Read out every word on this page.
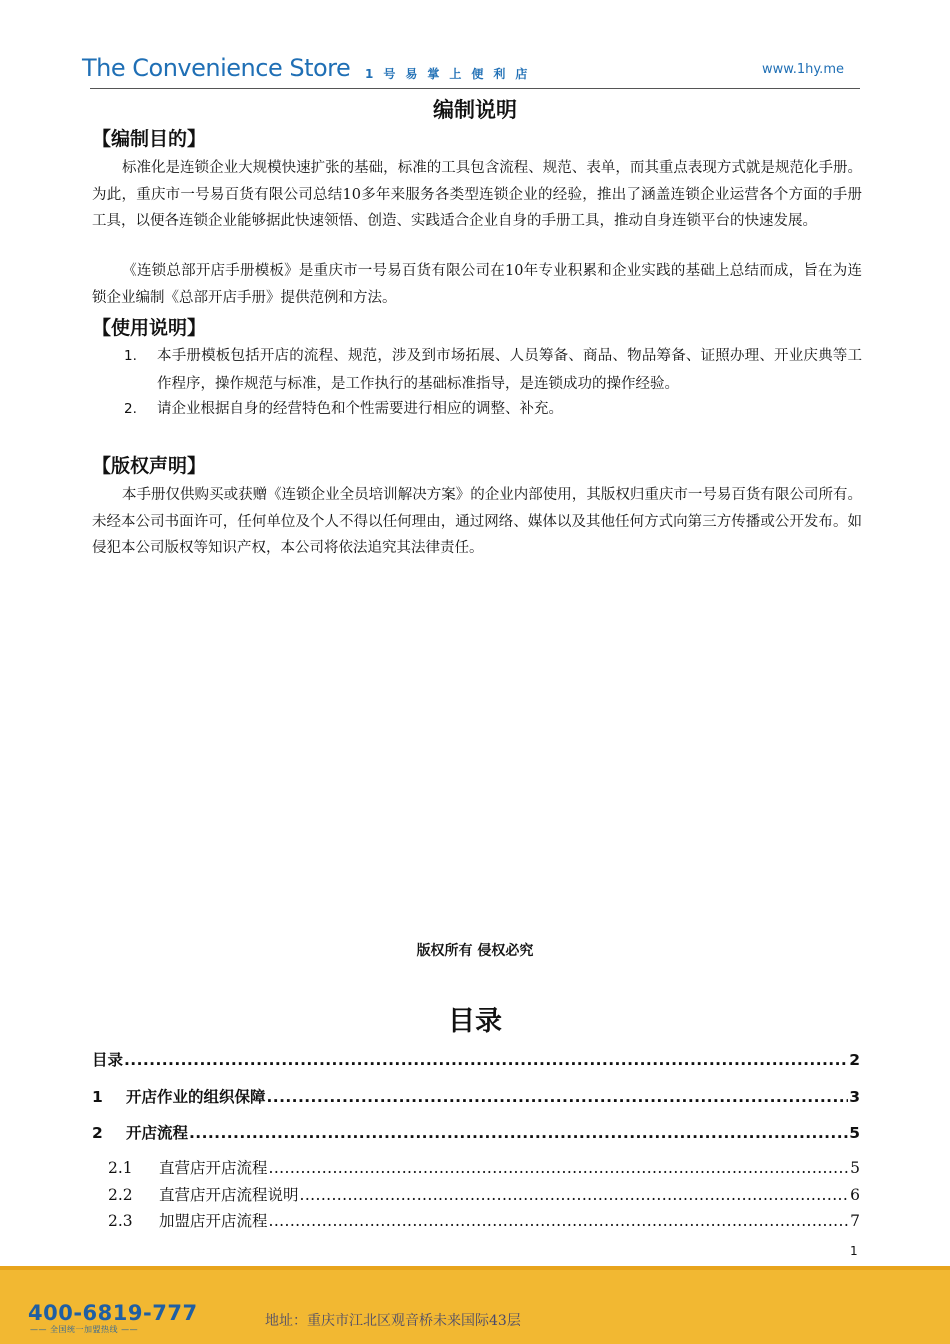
The Convenience Store 1号易掌上便利店	www.1hy.me
编制说明
【编制目的】
标准化是连锁企业大规模快速扩张的基础，标准的工具包含流程、规范、表单，而其重点表现方式就是规范化手册。为此，重庆市一号易百货有限公司总结10多年来服务各类型连锁企业的经验，推出了涵盖连锁企业运营各个方面的手册工具，以便各连锁企业能够据此快速领悟、创造、实践适合企业自身的手册工具，推动自身连锁平台的快速发展。
《连锁总部开店手册模板》是重庆市一号易百货有限公司在10年专业积累和企业实践的基础上总结而成，旨在为连锁企业编制《总部开店手册》提供范例和方法。
【使用说明】
1. 本手册模板包括开店的流程、规范，涉及到市场拓展、人员筹备、商品、物品筹备、证照办理、开业庆典等工作程序，操作规范与标准，是工作执行的基础标准指导，是连锁成功的操作经验。
2. 请企业根据自身的经营特色和个性需要进行相应的调整、补充。
【版权声明】
本手册仅供购买或获赠《连锁企业全员培训解决方案》的企业内部使用，其版权归重庆市一号易百货有限公司所有。未经本公司书面许可，任何单位及个人不得以任何理由，通过网络、媒体以及其他任何方式向第三方传播或公开发布。如侵犯本公司版权等知识产权，本公司将依法追究其法律责任。
版权所有 侵权必究
目录
目录 .....	2
1 开店作业的组织保障 .....	3
2 开店流程 .....	5
2.1 直营店开店流程 .....	5
2.2 直营店开店流程说明 .....	6
2.3 加盟店开店流程 .....	7
1
400-6819-777
—— 全国统一加盟热线 ——
地址：重庆市江北区观音桥未来国际43层
